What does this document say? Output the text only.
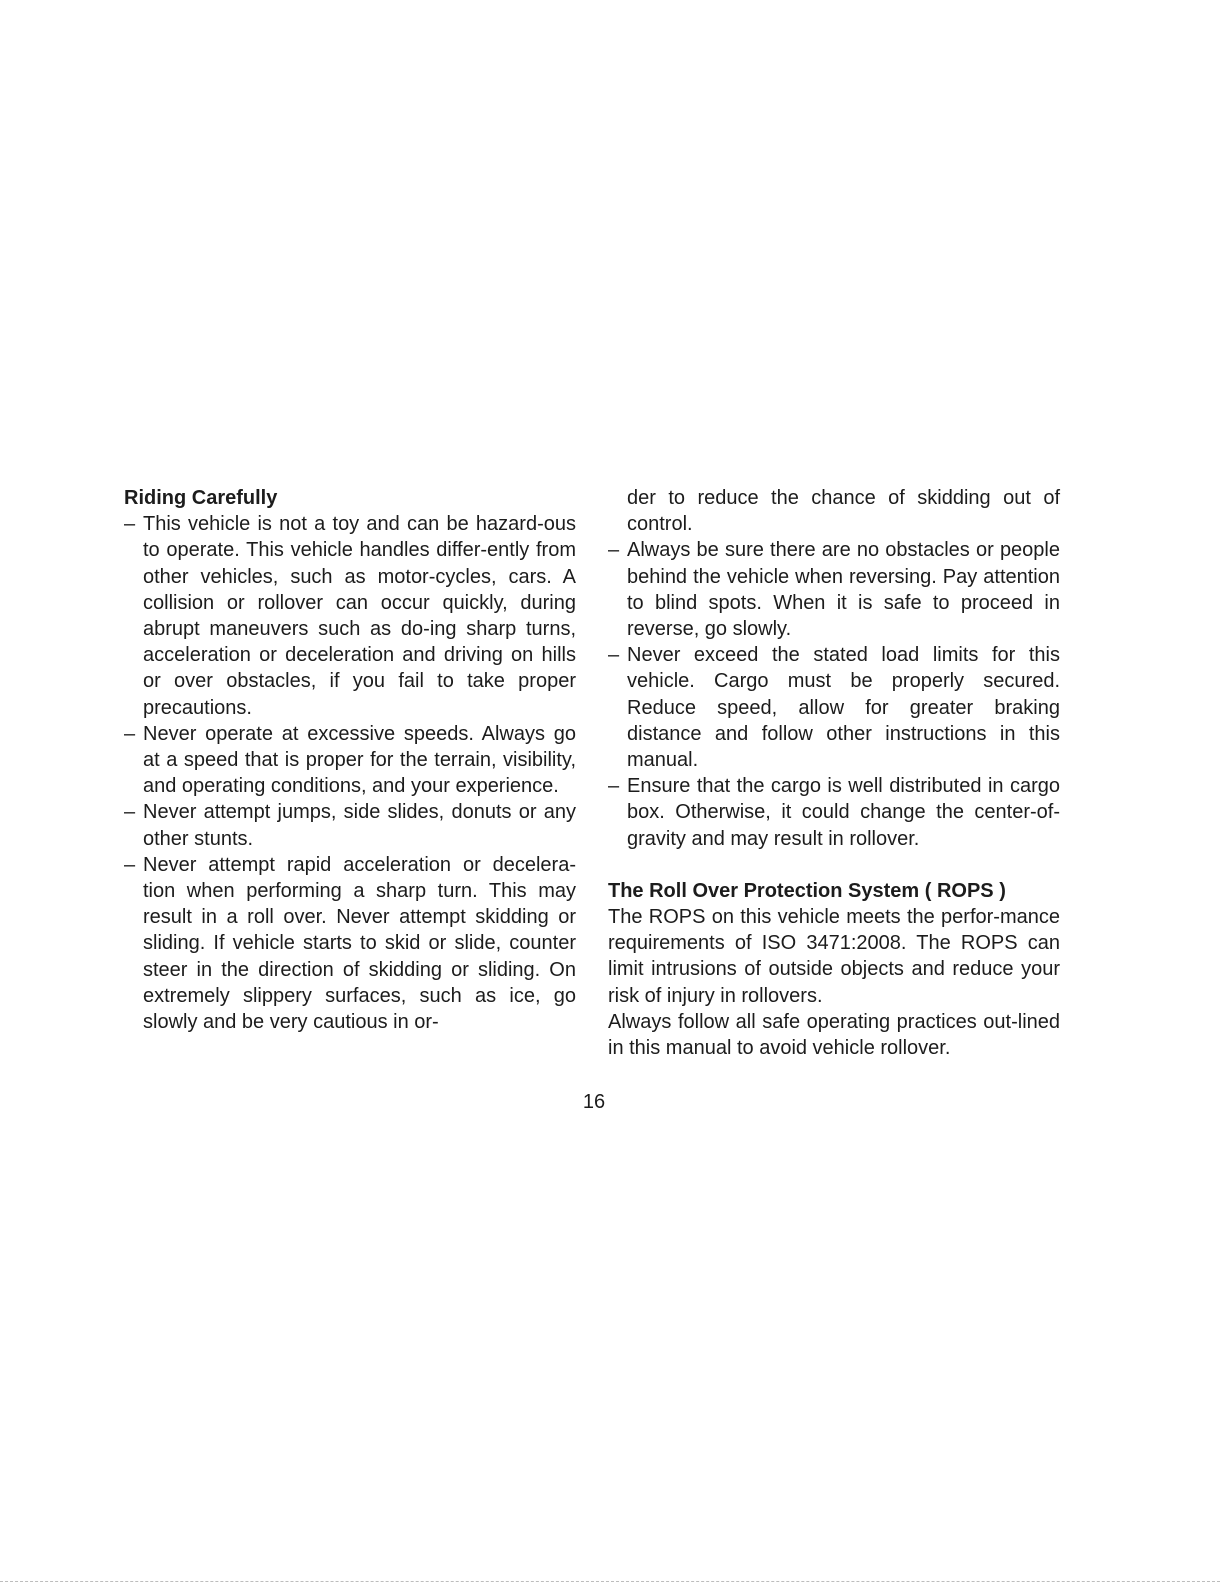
Riding Carefully
– This vehicle is not a toy and can be hazard-ous to operate. This vehicle handles differ-ently from other vehicles, such as motor-cycles, cars. A collision or rollover can occur quickly, during abrupt maneuvers such as do-ing sharp turns, acceleration or deceleration and driving on hills or over obstacles, if you fail to take proper precautions.
– Never operate at excessive speeds. Always go at a speed that is proper for the terrain, visibility, and operating conditions, and your experience.
– Never attempt jumps, side slides, donuts or any other stunts.
– Never attempt rapid acceleration or decelera-tion when performing a sharp turn. This may result in a roll over. Never attempt skidding or sliding. If vehicle starts to skid or slide, counter steer in the direction of skidding or sliding. On extremely slippery surfaces, such as ice, go slowly and be very cautious in or-
der to reduce the chance of skidding out of control.
– Always be sure there are no obstacles or people behind the vehicle when reversing. Pay attention to blind spots. When it is safe to proceed in reverse, go slowly.
– Never exceed the stated load limits for this vehicle. Cargo must be properly secured. Reduce speed, allow for greater braking distance and follow other instructions in this manual.
– Ensure that the cargo is well distributed in cargo box. Otherwise, it could change the center-of-gravity and may result in rollover.
The Roll Over Protection System ( ROPS )
The ROPS on this vehicle meets the perfor-mance requirements of ISO 3471:2008. The ROPS can limit intrusions of outside objects and reduce your risk of injury in rollovers.
Always follow all safe operating practices out-lined in this manual to avoid vehicle rollover.
16
